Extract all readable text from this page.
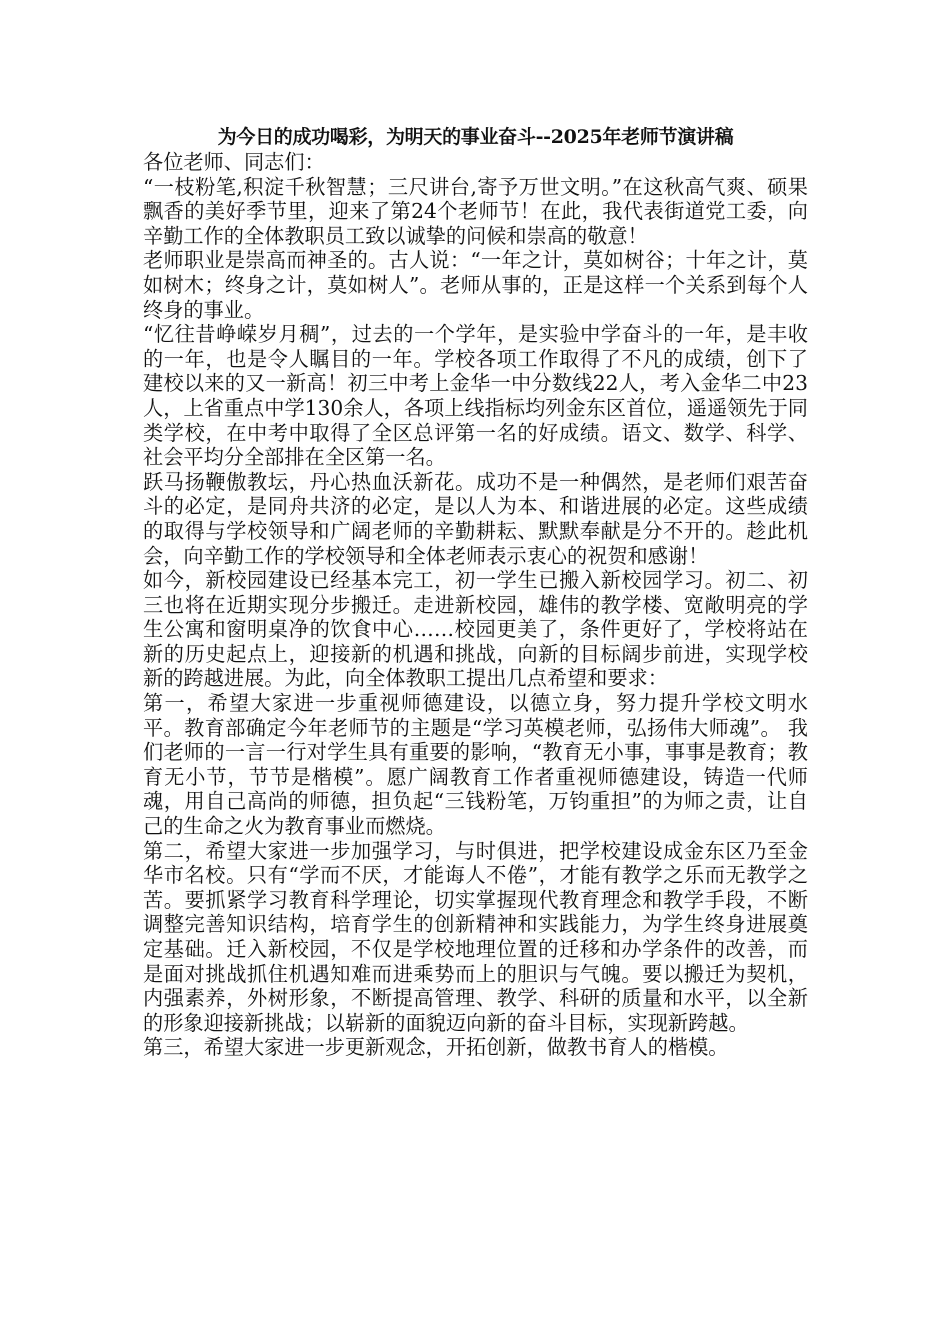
为今日的成功喝彩，为明天的事业奋斗--2025年老师节演讲稿

各位老师、同志们：

“一枝粉笔,积淀千秋智慧；三尺讲台,寄予万世文明。”在这秋高气爽、硕果飘香的美好季节里，迎来了第24个老师节！在此，我代表街道党工委，向辛勤工作的全体教职员工致以诚挚的问候和崇高的敬意！

老师职业是崇高而神圣的。古人说：“一年之计，莫如树谷；十年之计，莫如树木；终身之计，莫如树人”。老师从事的，正是这样一个关系到每个人终身的事业。

“忆往昔峥嵘岁月稠”，过去的一个学年，是实验中学奋斗的一年，是丰收的一年，也是令人瞩目的一年。学校各项工作取得了不凡的成绩，创下了建校以来的又一新高！初三中考上金华一中分数线22人，考入金华二中23人，上省重点中学130余人，各项上线指标均列金东区首位，遥遥领先于同类学校，在中考中取得了全区总评第一名的好成绩。语文、数学、科学、社会平均分全部排在全区第一名。

跃马扬鞭傲教坛，丹心热血沃新花。成功不是一种偶然，是老师们艰苦奋斗的必定，是同舟共济的必定，是以人为本、和谐进展的必定。这些成绩的取得与学校领导和广阔老师的辛勤耕耘、默默奉献是分不开的。趁此机会，向辛勤工作的学校领导和全体老师表示衷心的祝贺和感谢！

如今，新校园建设已经基本完工，初一学生已搬入新校园学习。初二、初三也将在近期实现分步搬迁。走进新校园，雄伟的教学楼、宽敞明亮的学生公寓和窗明桌净的饮食中心……校园更美了，条件更好了，学校将站在新的历史起点上，迎接新的机遇和挑战，向新的目标阔步前进，实现学校新的跨越进展。为此，向全体教职工提出几点希望和要求：

第一，希望大家进一步重视师德建设，以德立身，努力提升学校文明水平。教育部确定今年老师节的主题是“学习英模老师，弘扬伟大师魂”。 我们老师的一言一行对学生具有重要的影响，“教育无小事，事事是教育；教育无小节，节节是楷模”。愿广阔教育工作者重视师德建设，铸造一代师魂，用自己高尚的师德，担负起“三钱粉笔，万钧重担”的为师之责，让自己的生命之火为教育事业而燃烧。

第二，希望大家进一步加强学习，与时俱进，把学校建设成金东区乃至金华市名校。只有“学而不厌，才能诲人不倦”，才能有教学之乐而无教学之苦。要抓紧学习教育科学理论，切实掌握现代教育理念和教学手段，不断调整完善知识结构，培育学生的创新精神和实践能力，为学生终身进展奠定基础。迁入新校园，不仅是学校地理位置的迁移和办学条件的改善，而是面对挑战抓住机遇知难而进乘势而上的胆识与气魄。要以搬迁为契机，内强素养，外树形象，不断提高管理、教学、科研的质量和水平，以全新的形象迎接新挑战；以崭新的面貌迈向新的奋斗目标，实现新跨越。

第三，希望大家进一步更新观念，开拓创新，做教书育人的楷模。
